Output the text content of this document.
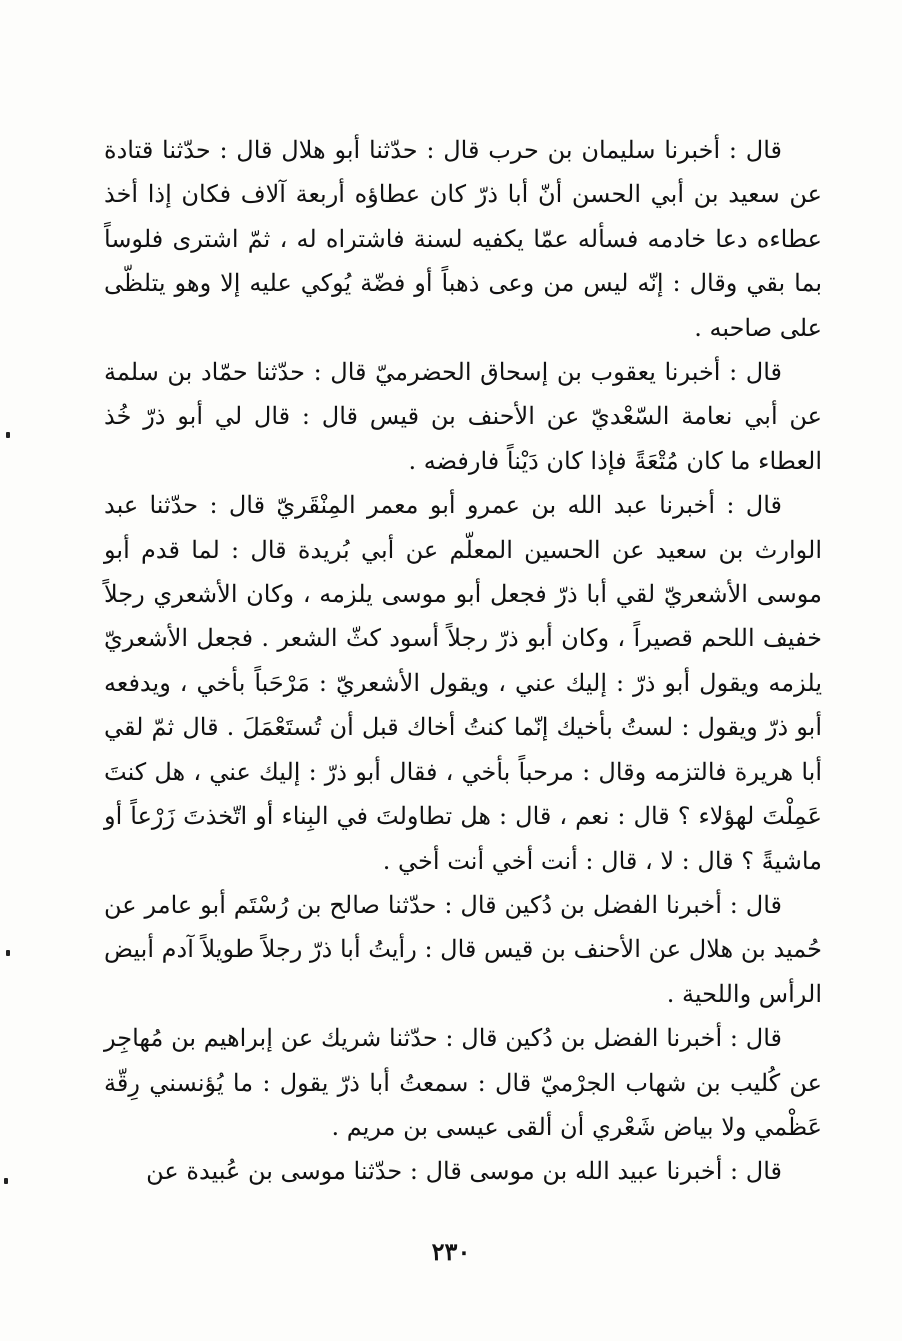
قال : أخبرنا سليمان بن حرب قال : حدّثنا أبو هلال قال : حدّثنا قتادة عن سعيد بن أبي الحسن أنّ أبا ذرّ كان عطاؤه أربعة آلاف فكان إذا أخذ عطاءه دعا خادمه فسأله عمّا يكفيه لسنة فاشتراه له ، ثمّ اشترى فلوساً بما بقي وقال : إنّه ليس من وعى ذهباً أو فضّة يُوكي عليه إلا وهو يتلظّى على صاحبه .

قال : أخبرنا يعقوب بن إسحاق الحضرميّ قال : حدّثنا حمّاد بن سلمة عن أبي نعامة السّعْديّ عن الأحنف بن قيس قال : قال لي أبو ذرّ خُذ العطاء ما كان مُتْعَةً فإذا كان دَيْناً فارفضه .

قال : أخبرنا عبد الله بن عمرو أبو معمر المِنْقَريّ قال : حدّثنا عبد الوارث بن سعيد عن الحسين المعلّم عن أبي بُريدة قال : لما قدم أبو موسى الأشعريّ لقي أبا ذرّ فجعل أبو موسى يلزمه ، وكان الأشعري رجلاً خفيف اللحم قصيراً ، وكان أبو ذرّ رجلاً أسود كثّ الشعر . فجعل الأشعريّ يلزمه ويقول أبو ذرّ : إليك عني ، ويقول الأشعريّ : مَرْحَباً بأخي ، ويدفعه أبو ذرّ ويقول : لستُ بأخيك إنّما كنتُ أخاك قبل أن تُستَعْمَلَ . قال ثمّ لقي أبا هريرة فالتزمه وقال : مرحباً بأخي ، فقال أبو ذرّ : إليك عني ، هل كنتَ عَمِلْتَ لهؤلاء ؟ قال : نعم ، قال : هل تطاولتَ في البِناء أو اتّخذتَ زَرْعاً أو ماشيةً ؟ قال : لا ، قال : أنت أخي أنت أخي .

قال : أخبرنا الفضل بن دُكين قال : حدّثنا صالح بن رُسْتَم أبو عامر عن حُميد بن هلال عن الأحنف بن قيس قال : رأيتُ أبا ذرّ رجلاً طويلاً آدم أبيض الرأس واللحية .

قال : أخبرنا الفضل بن دُكين قال : حدّثنا شريك عن إبراهيم بن مُهاجِر عن كُليب بن شهاب الجرْميّ قال : سمعتُ أبا ذرّ يقول : ما يُؤنسني رِقّة عَظْمي ولا بياض شَعْري أن ألقى عيسى بن مريم .

قال : أخبرنا عبيد الله بن موسى قال : حدّثنا موسى بن عُبيدة عن

٢٣٠
